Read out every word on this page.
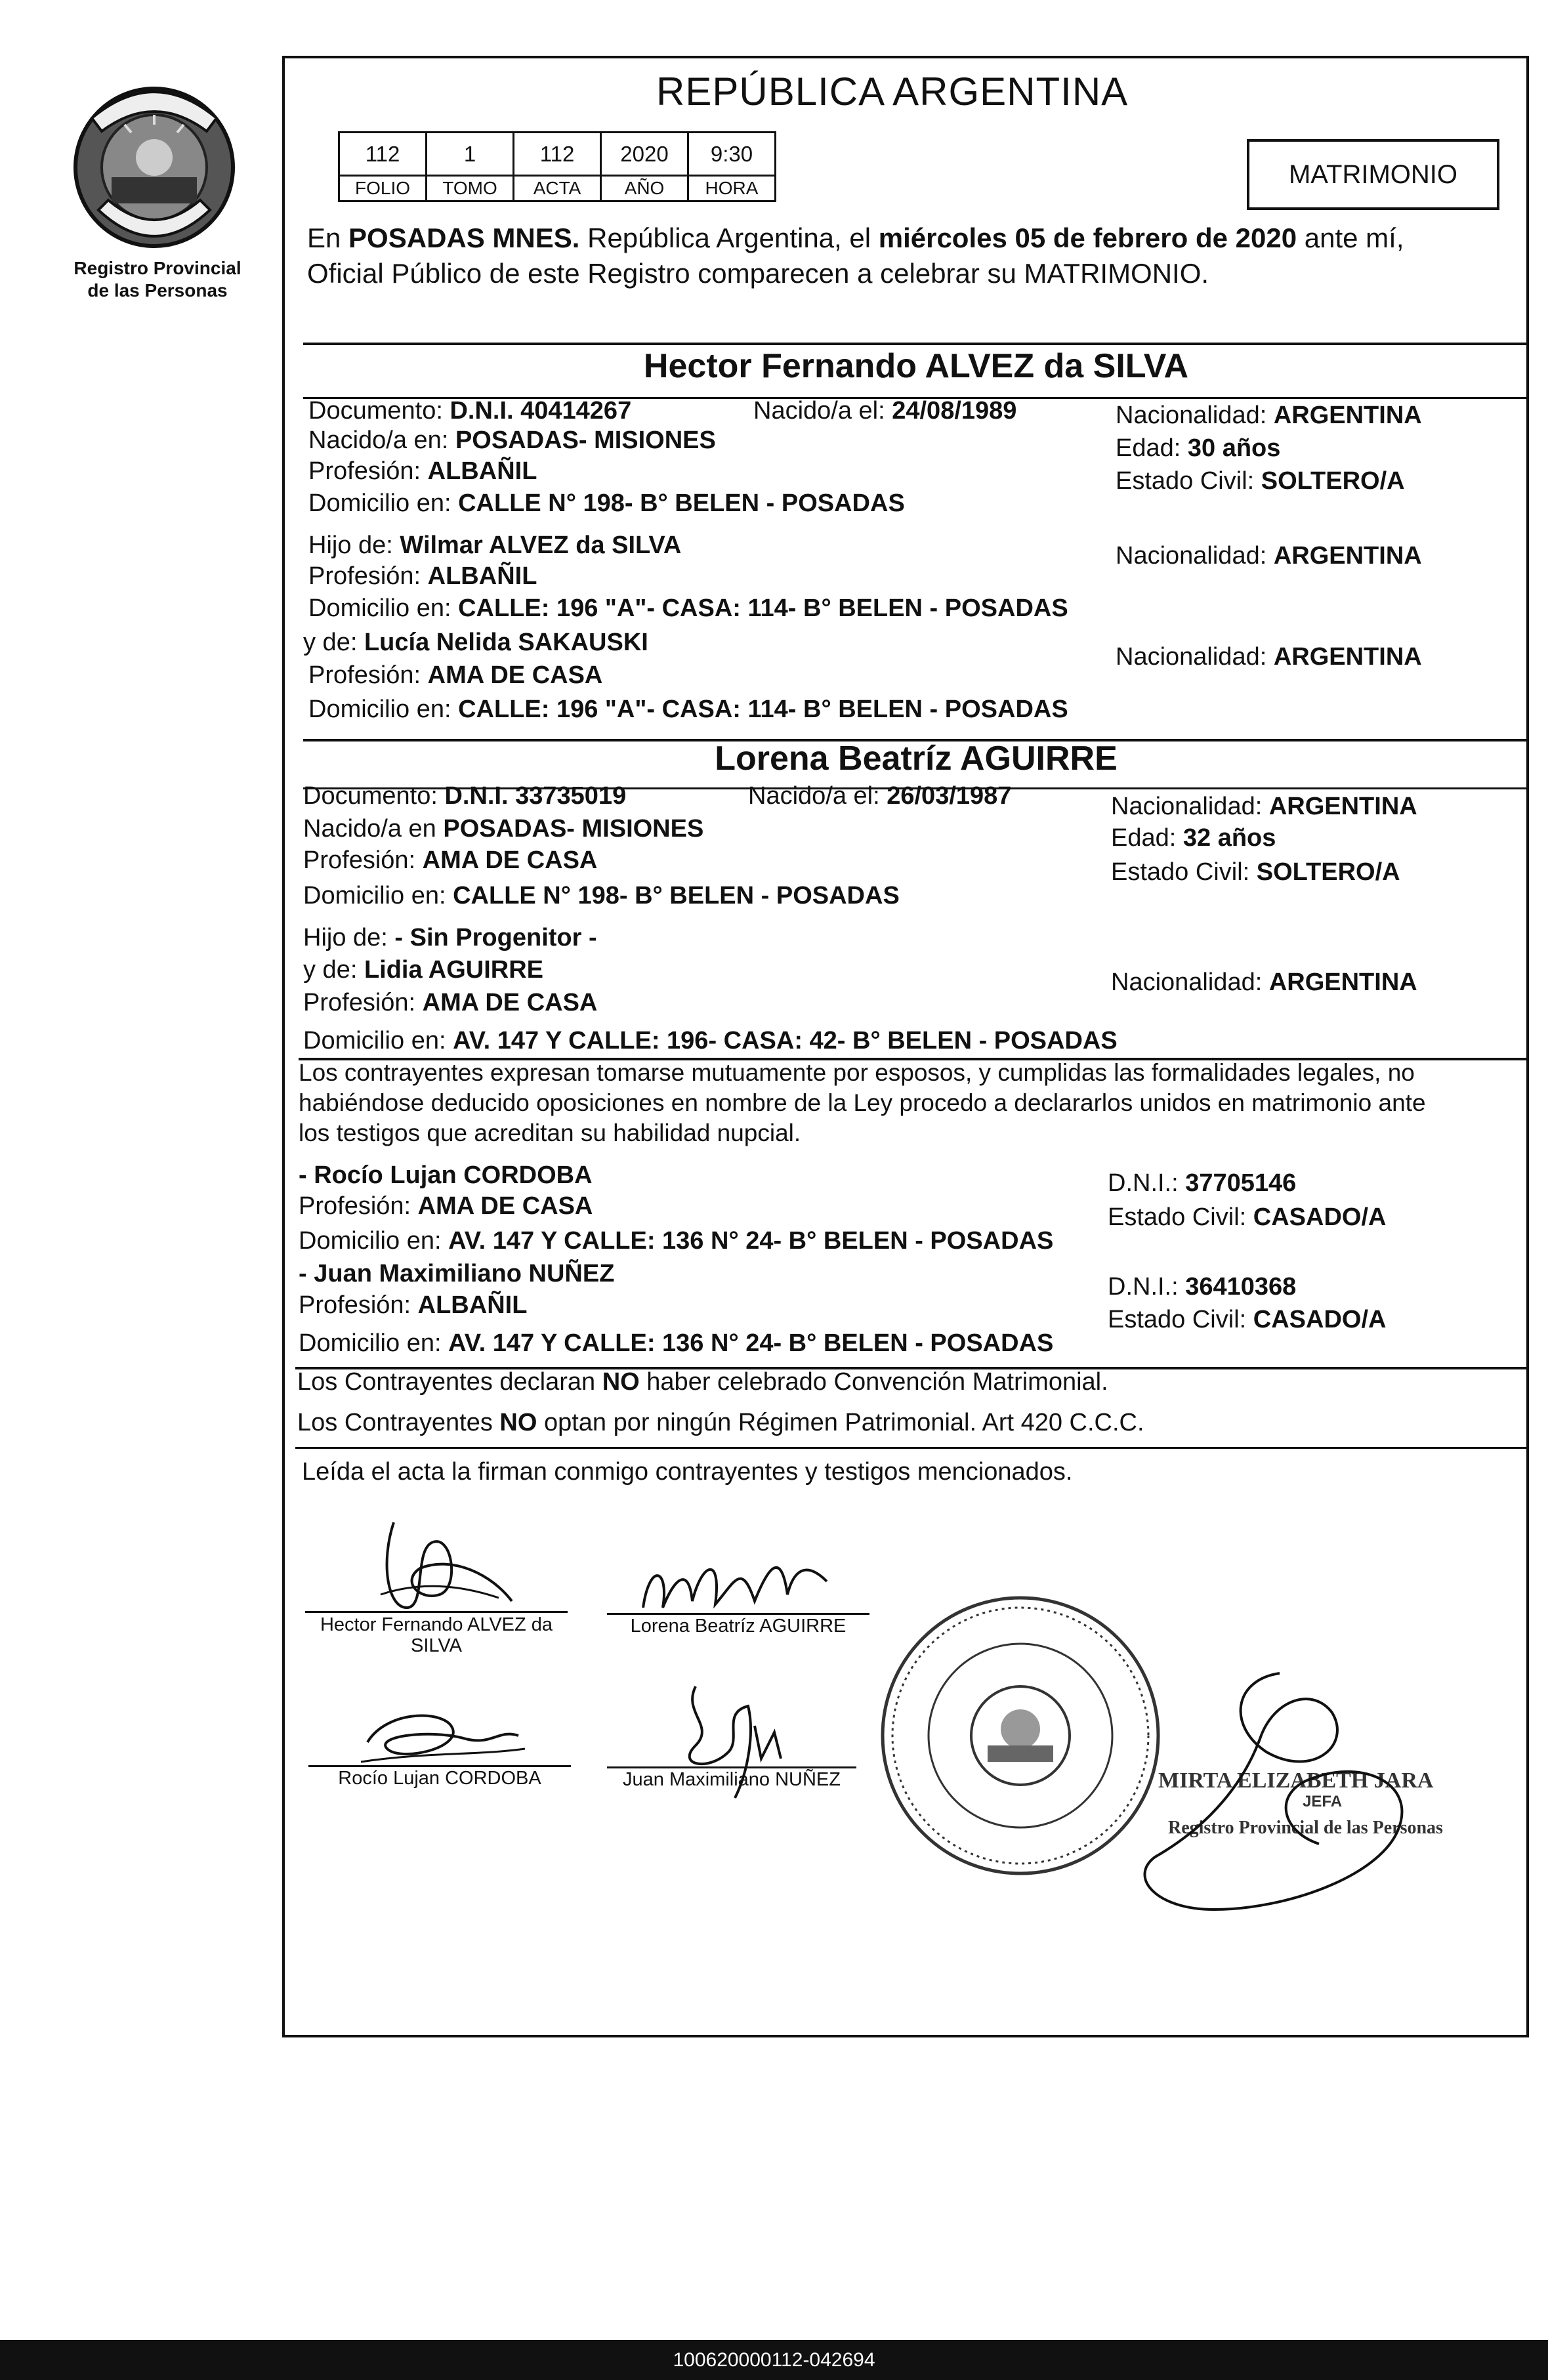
Registro Provincial
de las Personas
REPÚBLICA ARGENTINA
112	1	112	2020	9:30
FOLIO	TOMO	ACTA	AÑO	HORA	MATRIMONIO
En POSADAS MNES. República Argentina, el miércoles 05 de febrero de 2020 ante mí,
Oficial Público de este Registro comparecen a celebrar su MATRIMONIO.
Hector Fernando ALVEZ da SILVA
Documento: D.N.I. 40414267	Nacido/a el: 24/08/1989	Nacionalidad: ARGENTINA
Nacido/a en: POSADAS- MISIONES	Edad: 30 años
Profesión: ALBAÑIL	Estado Civil: SOLTERO/A
Domicilio en: CALLE N° 198- B° BELEN - POSADAS
Hijo de: Wilmar ALVEZ da SILVA	Nacionalidad: ARGENTINA
Profesión: ALBAÑIL
Domicilio en: CALLE: 196 "A"- CASA: 114- B° BELEN - POSADAS
y de: Lucía Nelida SAKAUSKI
Nacionalidad: ARGENTINA
Profesión: AMA DE CASA
Domicilio en: CALLE: 196 "A"- CASA: 114- B° BELEN - POSADAS
Lorena Beatríz AGUIRRE
Documento: D.N.I. 33735019	Nacido/a el: 26/03/1987	Nacionalidad: ARGENTINA
Nacido/a en POSADAS- MISIONES	Edad: 32 años
Profesión: AMA DE CASA	Estado Civil: SOLTERO/A
Domicilio en: CALLE N° 198- B° BELEN - POSADAS
Hijo de: - Sin Progenitor -
y de: Lidia AGUIRRE	Nacionalidad: ARGENTINA
Profesión: AMA DE CASA
Domicilio en: AV. 147 Y CALLE: 196- CASA: 42- B° BELEN - POSADAS
Los contrayentes expresan tomarse mutuamente por esposos, y cumplidas las formalidades legales, no
habiéndose deducido oposiciones en nombre de la Ley procedo a declararlos unidos en matrimonio ante
los testigos que acreditan su habilidad nupcial.
- Rocío Lujan CORDOBA	D.N.I.: 37705146
Profesión: AMA DE CASA	Estado Civil: CASADO/A
Domicilio en: AV. 147 Y CALLE: 136 N° 24- B° BELEN - POSADAS
- Juan Maximiliano NUÑEZ	D.N.I.: 36410368
Profesión: ALBAÑIL
Estado Civil: CASADO/A
Domicilio en: AV. 147 Y CALLE: 136 N° 24- B° BELEN - POSADAS
Los Contrayentes declaran NO haber celebrado Convención Matrimonial.
Los Contrayentes NO optan por ningún Régimen Patrimonial. Art 420 C.C.C.
Leída el acta la firman conmigo contrayentes y testigos mencionados.
Hector Fernando ALVEZ da
SILVA
Lorena Beatríz AGUIRRE
Rocío Lujan CORDOBA	Juan Maximiliano NUÑEZ	MIRTA ELIZABETH JARA
JEFA
Registro Provincial de las Personas
100620000112-042694
